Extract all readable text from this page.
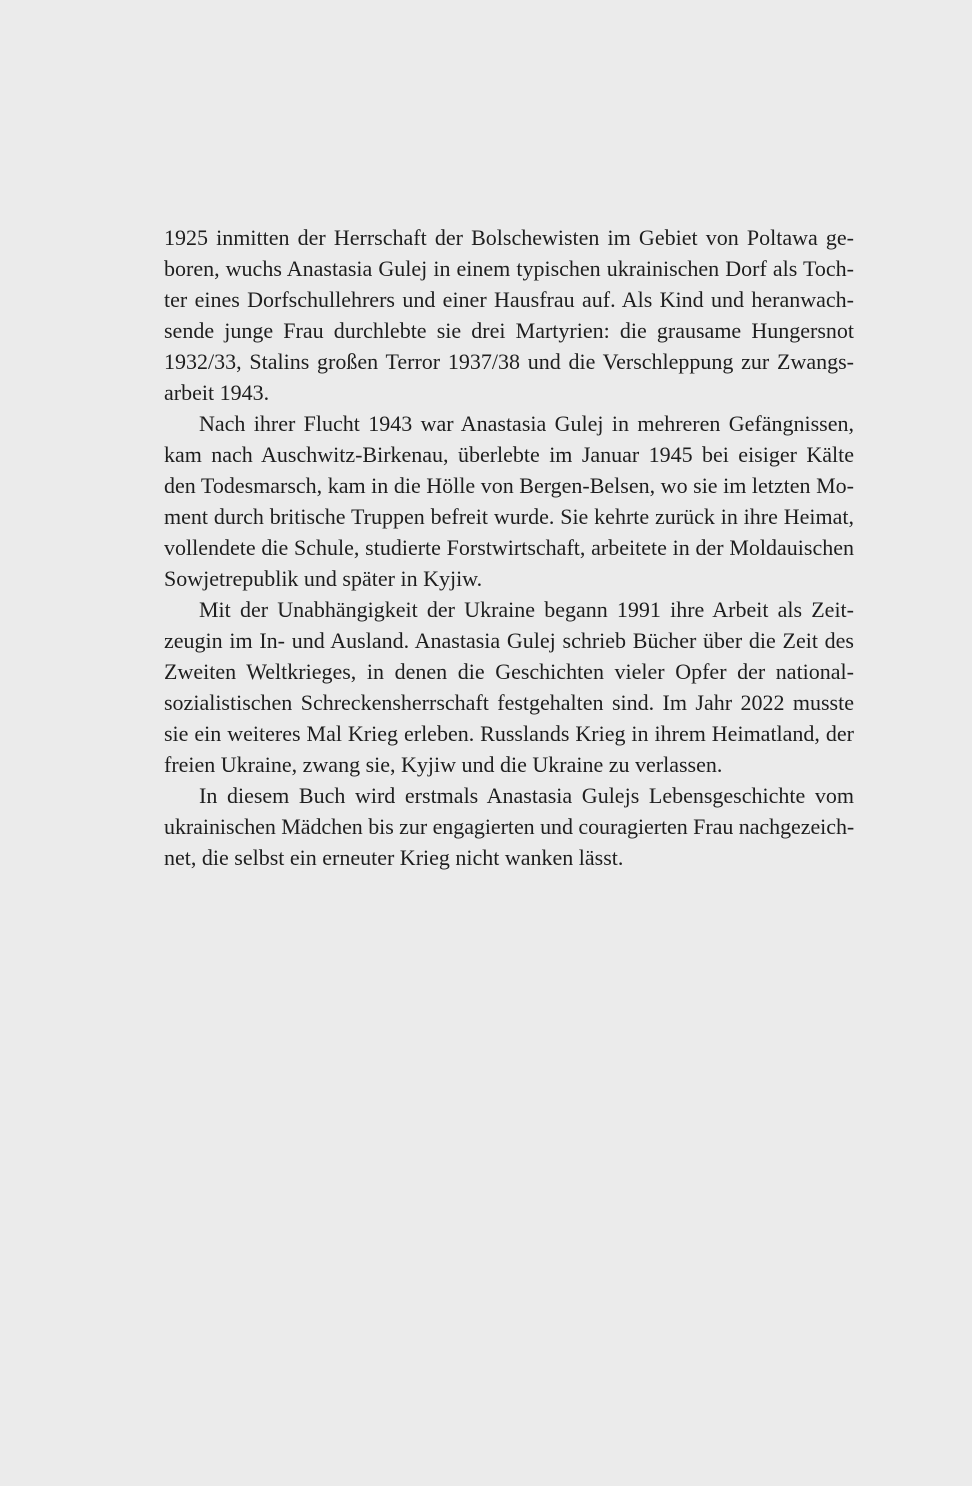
1925 inmitten der Herrschaft der Bolschewisten im Gebiet von Poltawa ge-
boren, wuchs Anastasia Gulej in einem typischen ukrainischen Dorf als Toch-
ter eines Dorfschullehrers und einer Hausfrau auf. Als Kind und heranwach-
sende junge Frau durchlebte sie drei Martyrien: die grausame Hungersnot
1932/33, Stalins großen Terror 1937/38 und die Verschleppung zur Zwangs-
arbeit 1943.
Nach ihrer Flucht 1943 war Anastasia Gulej in mehreren Gefängnissen,
kam nach Auschwitz-Birkenau, überlebte im Januar 1945 bei eisiger Kälte
den Todesmarsch, kam in die Hölle von Bergen-Belsen, wo sie im letzten Mo-
ment durch britische Truppen befreit wurde. Sie kehrte zurück in ihre Heimat,
vollendete die Schule, studierte Forstwirtschaft, arbeitete in der Moldauischen
Sowjetrepublik und später in Kyjiw.
Mit der Unabhängigkeit der Ukraine begann 1991 ihre Arbeit als Zeit-
zeugin im In- und Ausland. Anastasia Gulej schrieb Bücher über die Zeit des
Zweiten Weltkrieges, in denen die Geschichten vieler Opfer der national-
sozialistischen Schreckensherrschaft festgehalten sind. Im Jahr 2022 musste
sie ein weiteres Mal Krieg erleben. Russlands Krieg in ihrem Heimatland, der
freien Ukraine, zwang sie, Kyjiw und die Ukraine zu verlassen.
In diesem Buch wird erstmals Anastasia Gulejs Lebensgeschichte vom
ukrainischen Mädchen bis zur engagierten und couragierten Frau nachgezeich-
net, die selbst ein erneuter Krieg nicht wanken lässt.
